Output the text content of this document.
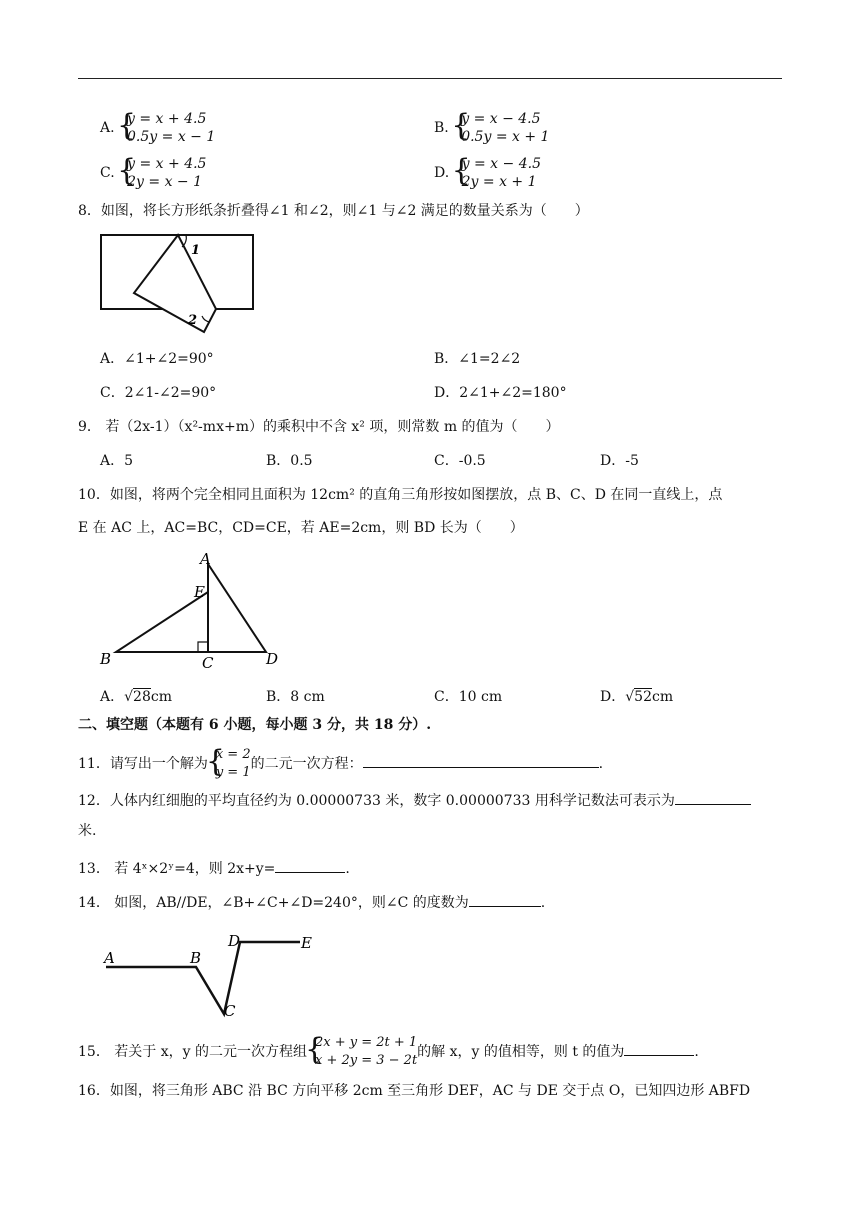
A.
{ y = x + 4.5
0.5y = x − 1
B.
{ y = x − 4.5
0.5y = x + 1
C.
{ y = x + 4.5
2y = x − 1
D.
{ y = x − 4.5
2y = x + 1
8．如图，将长方形纸条折叠得∠1 和∠2，则∠1 与∠2 满足的数量关系为（　　）
1
2
A．∠1+∠2=90°	B．∠1=2∠2
C．2∠1-∠2=90°	D．2∠1+∠2=180°
9． 若（2x-1）（x²-mx+m）的乘积中不含 x² 项，则常数 m 的值为（　　）
A．5	B．0.5	C．-0.5	D．-5
10．如图，将两个完全相同且面积为 12cm² 的直角三角形按如图摆放，点 B、C、D 在同一直线上，点
E 在 AC 上，AC=BC，CD=CE，若 AE=2cm，则 BD 长为（　　）
A
E
B	C	D
A．√28cm	B．8 cm	C．10 cm	D．√52cm
二、填空题（本题有 6 小题，每小题 3 分，共 18 分）.
11．请写出一个解为
{ x = 2
y = 1
的二元一次方程：	.
12．人体内红细胞的平均直径约为 0.00000733 米，数字 0.00000733 用科学记数法可表示为
米.
13． 若 4ˣ×2ʸ=4，则 2x+y=	.
14． 如图，AB//DE，∠B+∠C+∠D=240°，则∠C 的度数为	.
A	B
C
D	E
15． 若关于 x，y 的二元一次方程组
{ 2x + y = 2t + 1
x + 2y = 3 − 2t
的解 x，y 的值相等，则 t 的值为	.
16．如图，将三角形 ABC 沿 BC 方向平移 2cm 至三角形 DEF，AC 与 DE 交于点 O，已知四边形 ABFD
